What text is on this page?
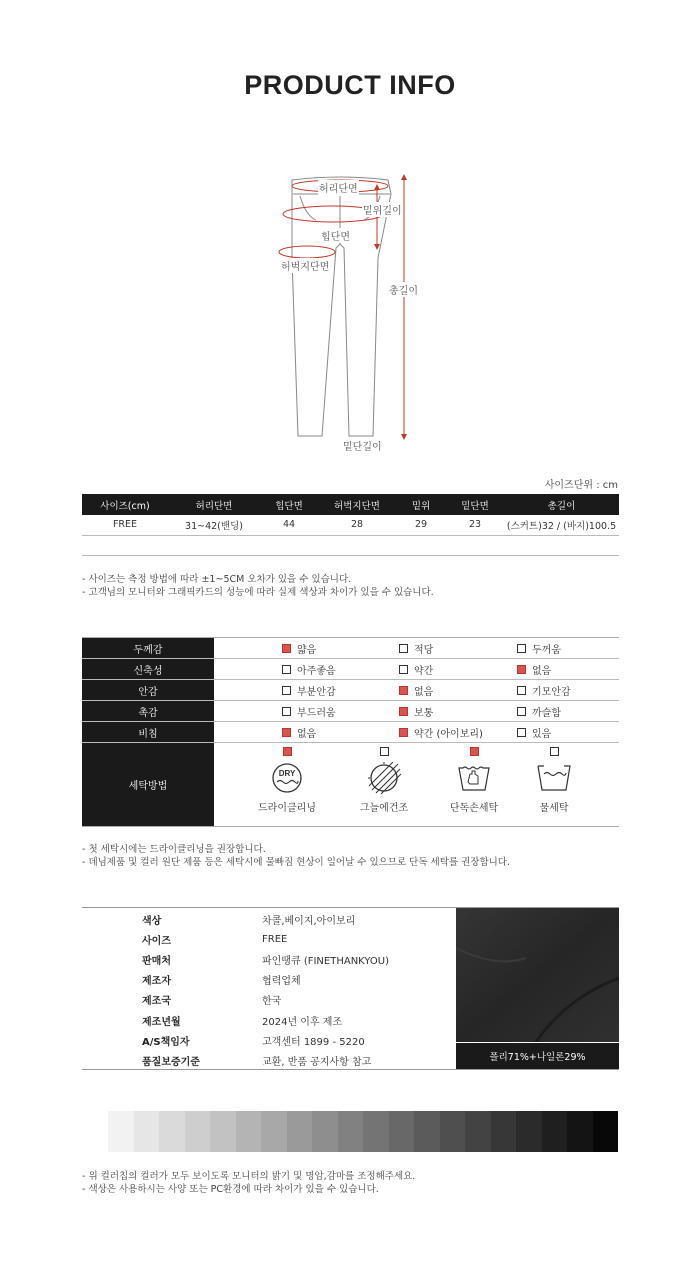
PRODUCT INFO
허리단면
밑위길이
힙단면
허벅지단면
총길이
밑단길이
사이즈단위 : cm
사이즈(cm)	허리단면	힙단면	허벅지단면	밑위	밑단면	총길이
FREE	31~42(밴딩)	44	28	29	23	(스커트)32 / (바지)100.5

- 사이즈는 측정 방법에 따라 ±1~5CM 오차가 있을 수 있습니다.
- 고객님의 모니터와 그래픽카드의 성능에 따라 실제 색상과 차이가 있을 수 있습니다.
두께감	얇음	적당	두꺼움
신축성	아주좋음	약간	없음
안감	부분안감	없음	기모안감
촉감	부드러움	보통	까슬함
비침	없음	약간 (아이보리)	있음
세탁방법
DRY
드라이클리닝	그늘에건조	단독손세탁	물세탁
- 첫 세탁시에는 드라이클리닝을 권장합니다.
- 데님제품 및 컬러 원단 제품 등은 세탁시에 물빠짐 현상이 일어날 수 있으므로 단독 세탁를 권장합니다.
폴리71%+나일론29%
색상	차콜,베이지,아이보리
사이즈	FREE
판매처	파인땡큐 (FINETHANKYOU)
제조자	협력업체
제조국	한국
제조년월	2024년 이후 제조
A/S책임자	고객센터 1899 - 5220
품질보증기준	교환, 반품 공지사항 참고
- 위 컬러칩의 컬러가 모두 보이도록 모니터의 밝기 및 명암,감마를 조정해주세요.
- 색상은 사용하시는 사양 또는 PC환경에 따라 차이가 있을 수 있습니다.
